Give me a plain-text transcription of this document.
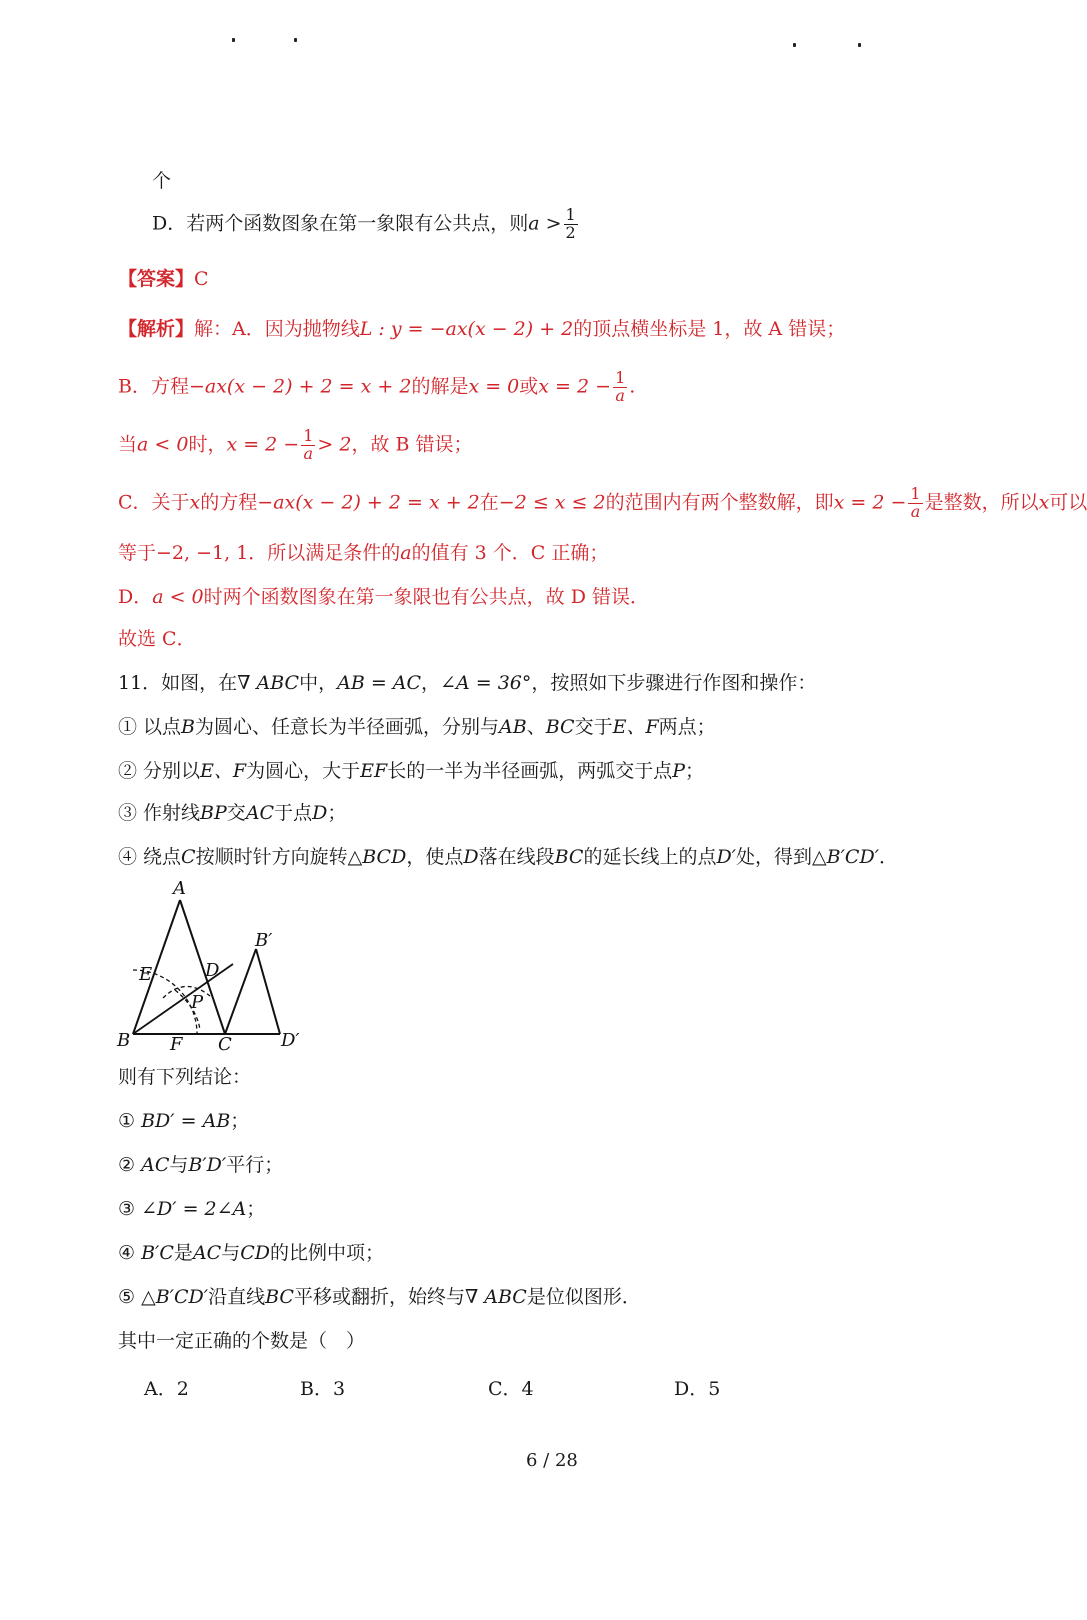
个
D．若两个函数图象在第一象限有公共点，则$a > \frac{1}{2}$
【答案】C
【解析】解：A．因为抛物线L : y = −ax(x − 2) + 2的顶点横坐标是 1，故 A 错误；
B．方程−ax(x − 2) + 2 = x + 2的解是x = 0或$x = 2 - \frac{1}{a}$ .
当a < 0时，$x = 2 - \frac{1}{a} > 2$，故 B 错误；
C．关于x的方程−ax(x − 2) + 2 = x + 2在−2 ≤ x ≤ 2的范围内有两个整数解，即$x = 2 - \frac{1}{a}$ 是整数，所以x可以
等于−2, −1, 1．所以满足条件的a的值有 3 个．C 正确；
D．a < 0时两个函数图象在第一象限也有公共点，故 D 错误．
故选 C．
11．如图，在∇ ABC中，AB = AC，∠A = 36°，按照如下步骤进行作图和操作：
① 以点B为圆心、任意长为半径画弧，分别与AB、BC交于E、F两点；
② 分别以E、F为圆心，大于EF长的一半为半径画弧，两弧交于点P；
③ 作射线BP交AC于点D；
④ 绕点C按顺时针方向旋转△BCD，使点D落在线段BC的延长线上的点D′处，得到△B′CD′．
A
B	C
D
E
F
P
B′
D′
则有下列结论：
① BD′ = AB；
② AC与B′D′平行；
③ ∠D′ = 2∠A；
④ B′C是AC与CD的比例中项；
⑤ △B′CD′沿直线BC平移或翻折，始终与∇ ABC是位似图形．
其中一定正确的个数是（　）
A．2	B．3	C．4	D．5
6 / 28
